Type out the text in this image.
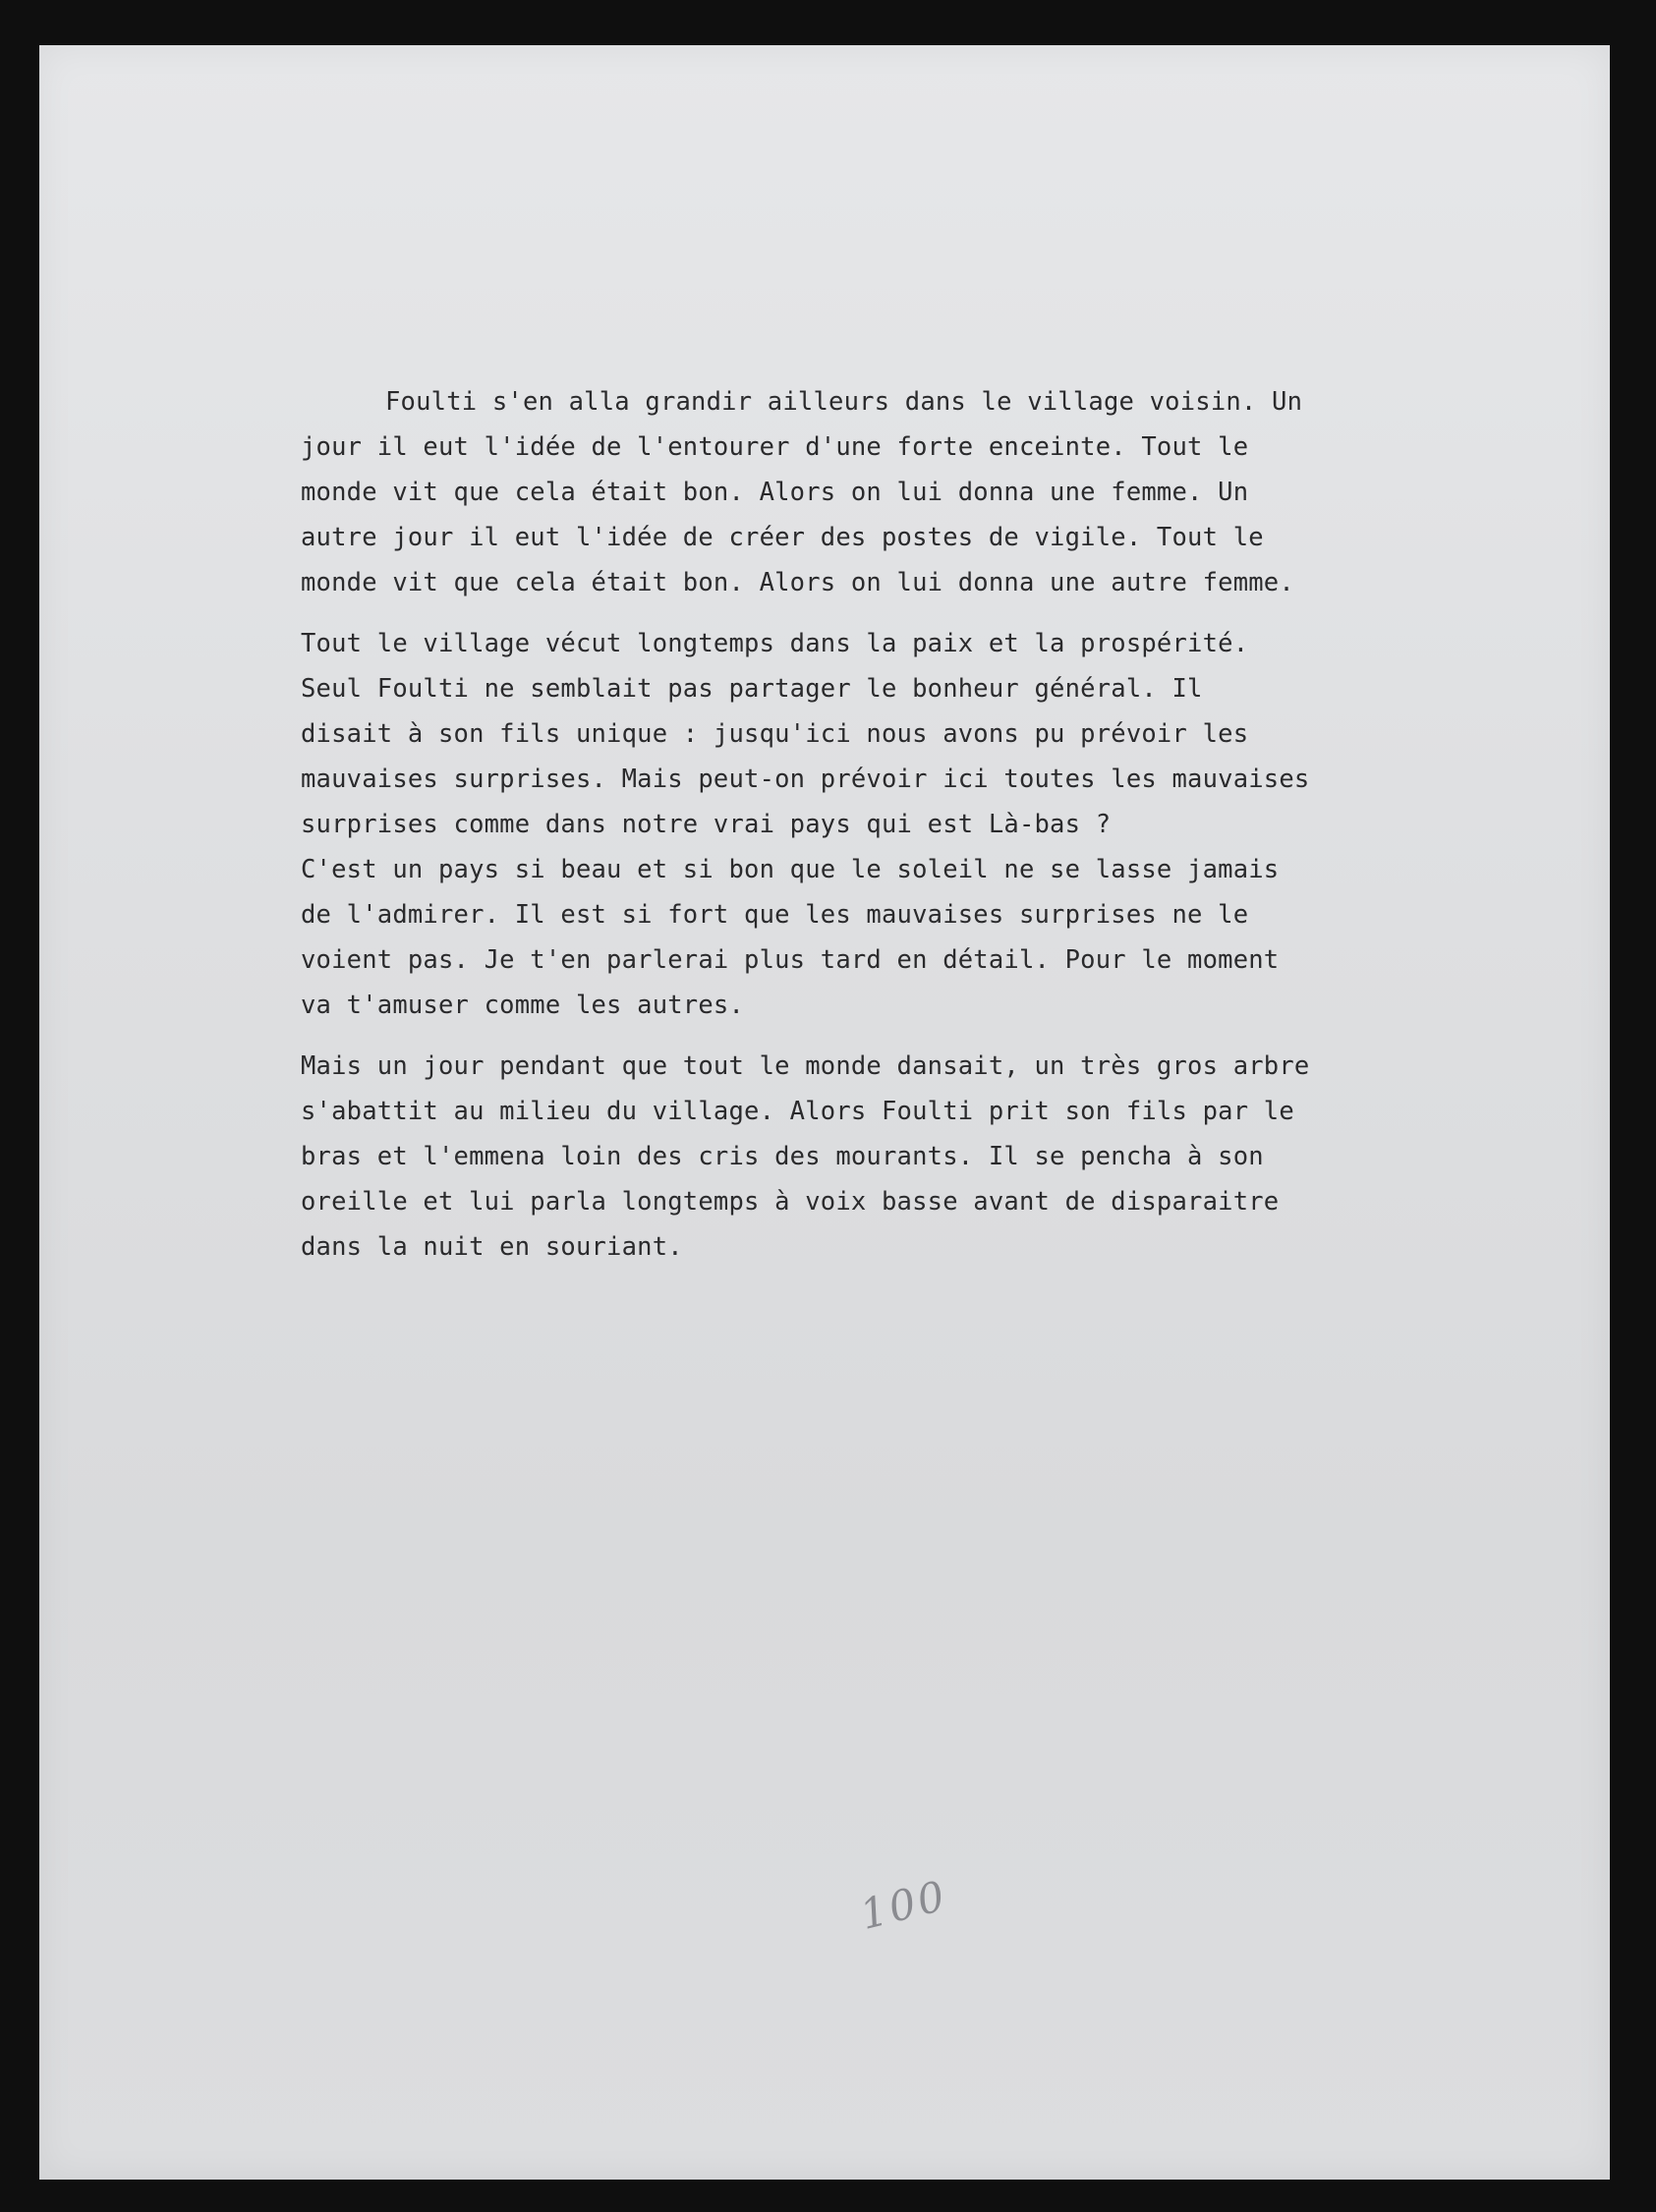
Foulti s'en alla grandir ailleurs dans le village voisin. Un
jour il eut l'idée de l'entourer d'une forte enceinte. Tout le
monde vit que cela était bon. Alors on lui donna une femme. Un
autre jour il eut l'idée de créer des postes de vigile. Tout le
monde vit que cela était bon. Alors on lui donna une autre femme.
Tout le village vécut longtemps dans la paix et la prospérité.
Seul Foulti ne semblait pas partager le bonheur général. Il
disait à son fils unique : jusqu'ici nous avons pu prévoir les
mauvaises surprises. Mais peut-on prévoir ici toutes les mauvaises
surprises comme dans notre vrai pays qui est Là-bas ?
C'est un pays si beau et si bon que le soleil ne se lasse jamais
de l'admirer. Il est si fort que les mauvaises surprises ne le
voient pas. Je t'en parlerai plus tard en détail. Pour le moment
va t'amuser comme les autres.
Mais un jour pendant que tout le monde dansait, un très gros arbre
s'abattit au milieu du village. Alors Foulti prit son fils par le
bras et l'emmena loin des cris des mourants. Il se pencha à son
oreille et lui parla longtemps à voix basse avant de disparaitre
dans la nuit en souriant.
100
